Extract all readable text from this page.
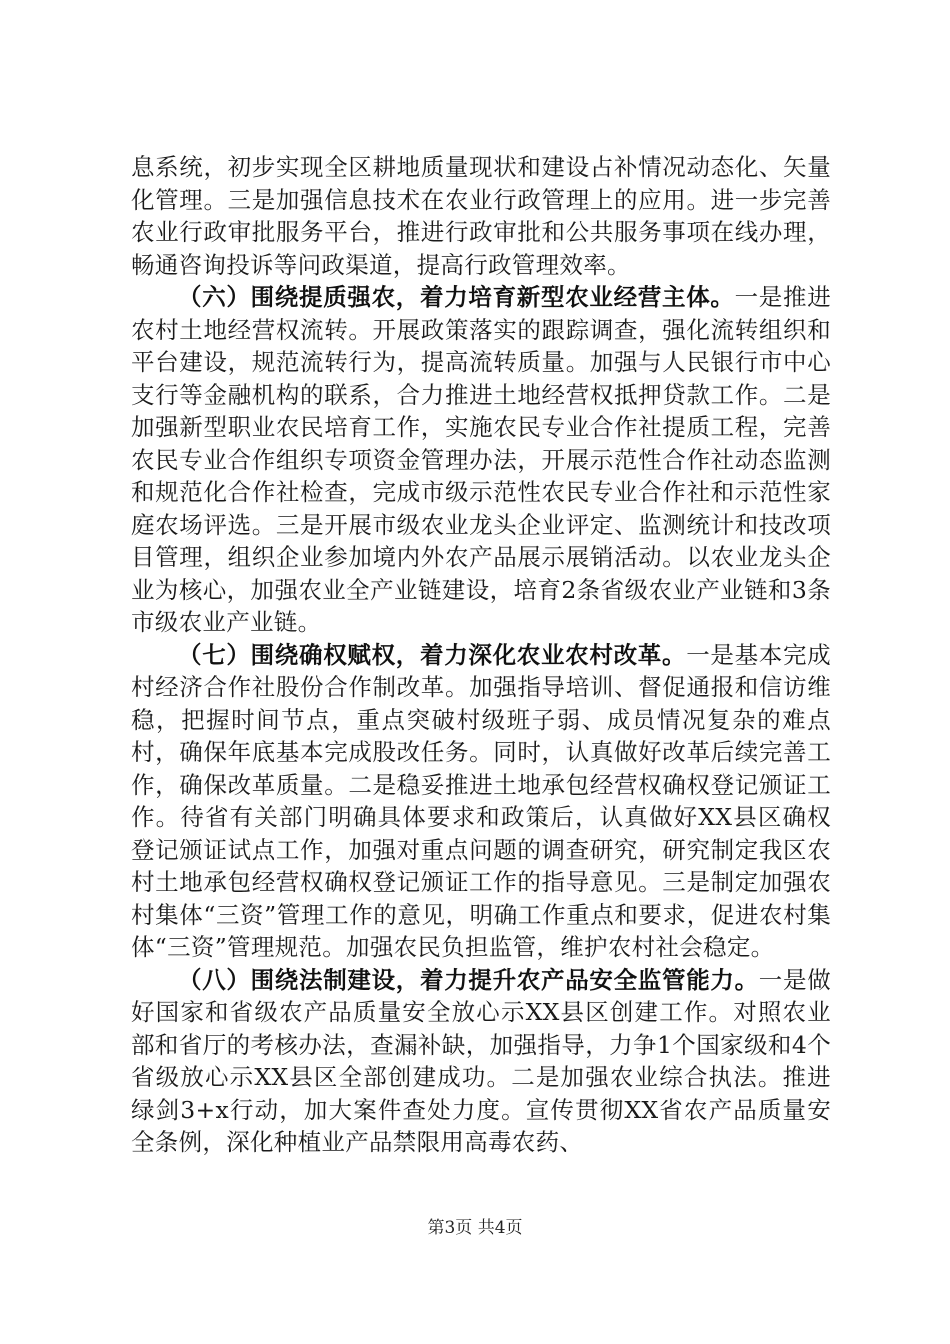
息系统，初步实现全区耕地质量现状和建设占补情况动态化、矢量化管理。三是加强信息技术在农业行政管理上的应用。进一步完善农业行政审批服务平台，推进行政审批和公共服务事项在线办理，畅通咨询投诉等问政渠道，提高行政管理效率。

（六）围绕提质强农，着力培育新型农业经营主体。一是推进农村土地经营权流转。开展政策落实的跟踪调查，强化流转组织和平台建设，规范流转行为，提高流转质量。加强与人民银行市中心支行等金融机构的联系，合力推进土地经营权抵押贷款工作。二是加强新型职业农民培育工作，实施农民专业合作社提质工程，完善农民专业合作组织专项资金管理办法，开展示范性合作社动态监测和规范化合作社检查，完成市级示范性农民专业合作社和示范性家庭农场评选。三是开展市级农业龙头企业评定、监测统计和技改项目管理，组织企业参加境内外农产品展示展销活动。以农业龙头企业为核心，加强农业全产业链建设，培育2条省级农业产业链和3条市级农业产业链。

（七）围绕确权赋权，着力深化农业农村改革。一是基本完成村经济合作社股份合作制改革。加强指导培训、督促通报和信访维稳，把握时间节点，重点突破村级班子弱、成员情况复杂的难点村，确保年底基本完成股改任务。同时，认真做好改革后续完善工作，确保改革质量。二是稳妥推进土地承包经营权确权登记颁证工作。待省有关部门明确具体要求和政策后，认真做好XX县区确权登记颁证试点工作，加强对重点问题的调查研究，研究制定我区农村土地承包经营权确权登记颁证工作的指导意见。三是制定加强农村集体“三资”管理工作的意见，明确工作重点和要求，促进农村集体“三资”管理规范。加强农民负担监管，维护农村社会稳定。

（八）围绕法制建设，着力提升农产品安全监管能力。一是做好国家和省级农产品质量安全放心示XX县区创建工作。对照农业部和省厅的考核办法，查漏补缺，加强指导，力争1个国家级和4个省级放心示XX县区全部创建成功。二是加强农业综合执法。推进绿剑3+x行动，加大案件查处力度。宣传贯彻XX省农产品质量安全条例，深化种植业产品禁限用高毒农药、

第3页 共4页
